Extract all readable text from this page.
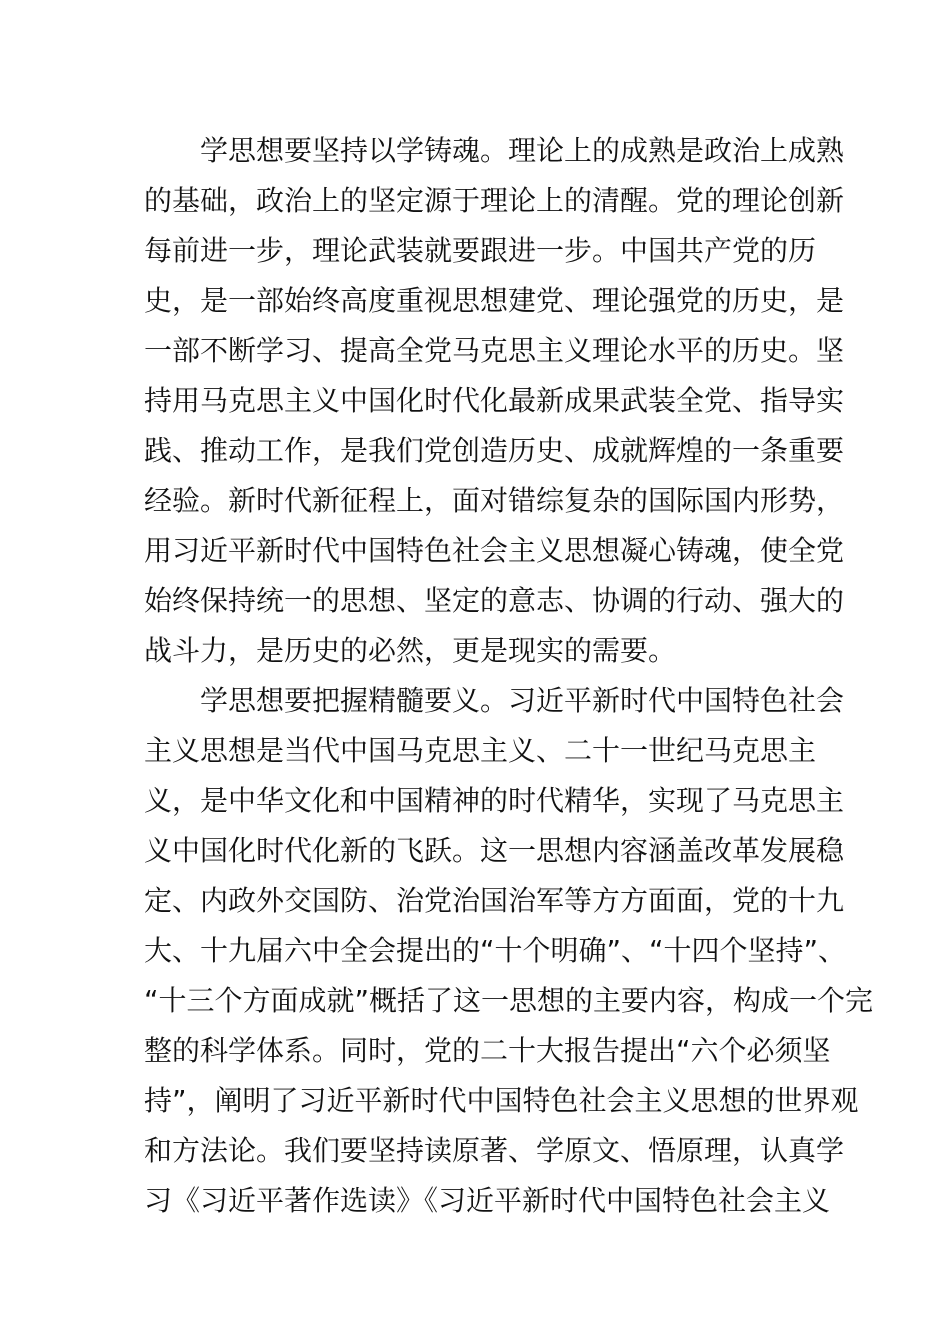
学思想要坚持以学铸魂。理论上的成熟是政治上成熟
的基础，政治上的坚定源于理论上的清醒。党的理论创新
每前进一步，理论武装就要跟进一步。中国共产党的历
史，是一部始终高度重视思想建党、理论强党的历史，是
一部不断学习、提高全党马克思主义理论水平的历史。坚
持用马克思主义中国化时代化最新成果武装全党、指导实
践、推动工作，是我们党创造历史、成就辉煌的一条重要
经验。新时代新征程上，面对错综复杂的国际国内形势，
用习近平新时代中国特色社会主义思想凝心铸魂，使全党
始终保持统一的思想、坚定的意志、协调的行动、强大的
战斗力，是历史的必然，更是现实的需要。
学思想要把握精髓要义。习近平新时代中国特色社会
主义思想是当代中国马克思主义、二十一世纪马克思主
义，是中华文化和中国精神的时代精华，实现了马克思主
义中国化时代化新的飞跃。这一思想内容涵盖改革发展稳
定、内政外交国防、治党治国治军等方方面面，党的十九
大、十九届六中全会提出的“十个明确”、“十四个坚持”、
“十三个方面成就”概括了这一思想的主要内容，构成一个完
整的科学体系。同时，党的二十大报告提出“六个必须坚
持”，阐明了习近平新时代中国特色社会主义思想的世界观
和方法论。我们要坚持读原著、学原文、悟原理，认真学
习《习近平著作选读》《习近平新时代中国特色社会主义
